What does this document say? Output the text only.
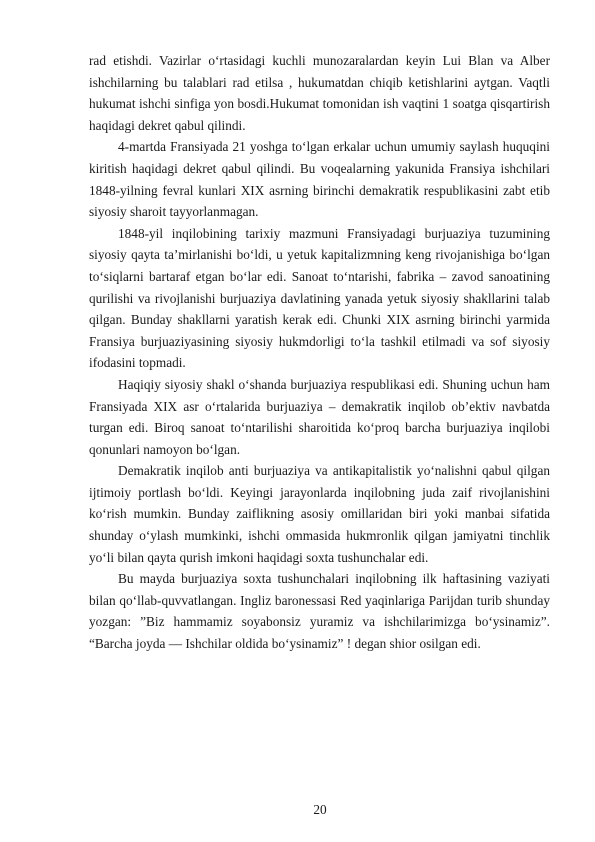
rad etishdi. Vazirlar o‘rtasidagi kuchli munozaralardan keyin Lui Blan va Alber ishchilarning bu talablari rad etilsa , hukumatdan chiqib ketishlarini aytgan. Vaqtli hukumat ishchi sinfiga yon bosdi.Hukumat tomonidan ish vaqtini 1 soatga qisqartirish haqidagi dekret qabul qilindi.

4-martda Fransiyada 21 yoshga to‘lgan erkalar uchun umumiy saylash huquqini kiritish haqidagi dekret qabul qilindi. Bu voqealarning yakunida Fransiya ishchilari 1848-yilning fevral kunlari XIX asrning birinchi demakratik respublikasini zabt etib siyosiy sharoit tayyorlanmagan.

1848-yil inqilobining tarixiy mazmuni Fransiyadagi burjuaziya tuzumining siyosiy qayta ta’mirlanishi bo‘ldi, u yetuk kapitalizmning keng rivojanishiga bo‘lgan to‘siqlarni bartaraf etgan bo‘lar edi. Sanoat to‘ntarishi, fabrika – zavod sanoatining qurilishi va rivojlanishi burjuaziya davlatining yanada yetuk siyosiy shakllarini talab qilgan. Bunday shakllarni yaratish kerak edi. Chunki XIX asrning birinchi yarmida Fransiya burjuaziyasining siyosiy hukmdorligi to‘la tashkil etilmadi va sof siyosiy ifodasini topmadi.

Haqiqiy siyosiy shakl o‘shanda burjuaziya respublikasi edi. Shuning uchun ham Fransiyada XIX asr o‘rtalarida burjuaziya – demakratik inqilob ob’ektiv navbatda turgan edi. Biroq sanoat to‘ntarilishi sharoitida ko‘proq barcha burjuaziya inqilobi qonunlari namoyon bo‘lgan.

Demakratik inqilob anti burjuaziya va antikapitalistik yo‘nalishni qabul qilgan ijtimoiy portlash bo‘ldi. Keyingi jarayonlarda inqilobning juda zaif rivojlanishini ko‘rish mumkin. Bunday zaiflikning asosiy omillaridan biri yoki manbai sifatida shunday o‘ylash mumkinki, ishchi ommasida hukmronlik qilgan jamiyatni tinchlik yo‘li bilan qayta qurish imkoni haqidagi soxta tushunchalar edi.

Bu mayda burjuaziya soxta tushunchalari inqilobning ilk haftasining vaziyati bilan qo‘llab-quvvatlangan. Ingliz baronessasi Red yaqinlariga Parijdan turib shunday yozgan: ”Biz hammamiz soyabonsiz yuramiz va ishchilarimizga bo‘ysinamiz”. “Barcha joyda — Ishchilar oldida bo‘ysinamiz” ! degan shior osilgan edi.

20
